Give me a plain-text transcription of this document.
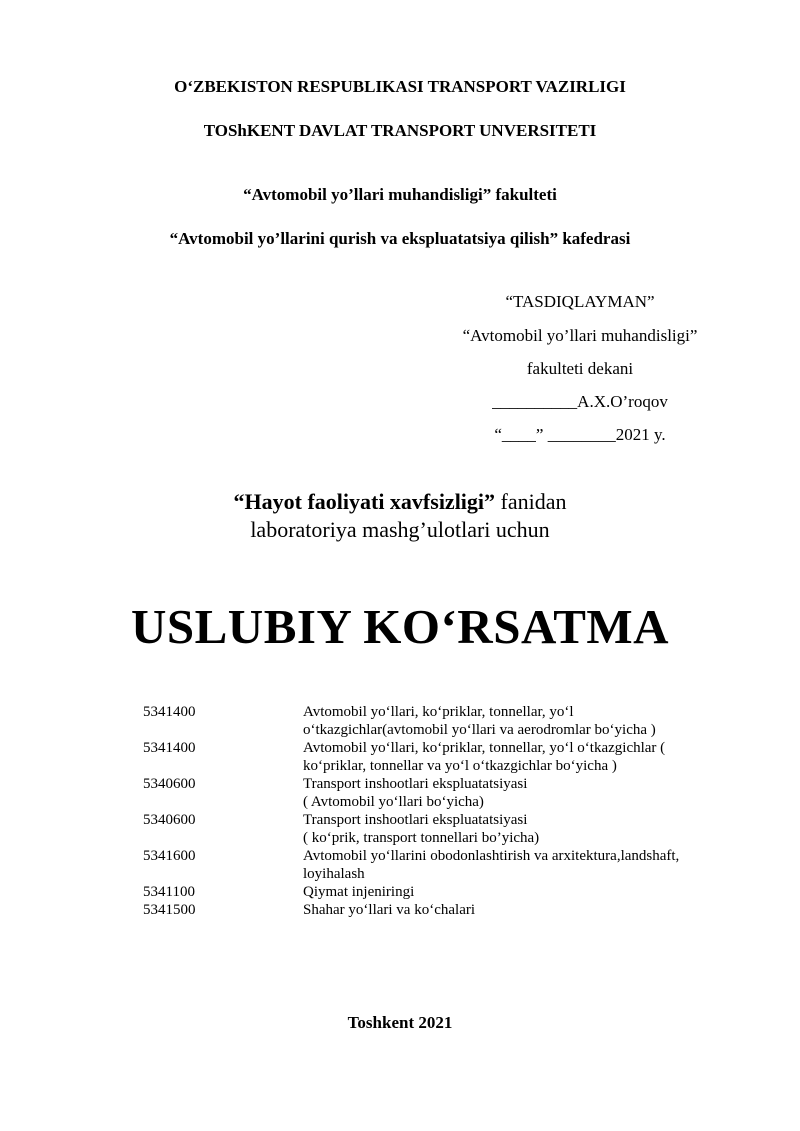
O‘ZBEKISTON RESPUBLIKASI TRANSPORT VAZIRLIGI
TOShKENT DAVLAT TRANSPORT UNVERSITETI
“Avtomobil yo’llari muhandisligi” fakulteti
“Avtomobil yo’llarini qurish va ekspluatatsiya qilish” kafedrasi
“TASDIQLAYMAN”
“Avtomobil yo’llari muhandisligi”
fakulteti dekani
__________A.X.O’roqov
“____” ________2021 y.
“Hayot faoliyati xavfsizligi” fanidan
laboratoriya mashg’ulotlari uchun
USLUBIY KO‘RSATMA
5341400	Avtomobil yo‘llari, ko‘priklar, tonnellar, yo‘l o‘tkazgichlar(avtomobil yo‘llari va aerodromlar bo‘yicha )
5341400	Avtomobil yo‘llari, ko‘priklar, tonnellar, yo‘l o‘tkazgichlar ( ko‘priklar, tonnellar va yo‘l o‘tkazgichlar bo‘yicha )
5340600	Transport inshootlari ekspluatatsiyasi
( Avtomobil yo‘llari bo‘yicha)
5340600	Transport inshootlari ekspluatatsiyasi
( ko‘prik, transport tonnellari bo’yicha)
5341600	Avtomobil yo‘llarini obodonlashtirish va arxitektura,landshaft, loyihalash
5341100	Qiymat injeniringi
5341500	Shahar yo‘llari va ko‘chalari
Toshkent 2021
